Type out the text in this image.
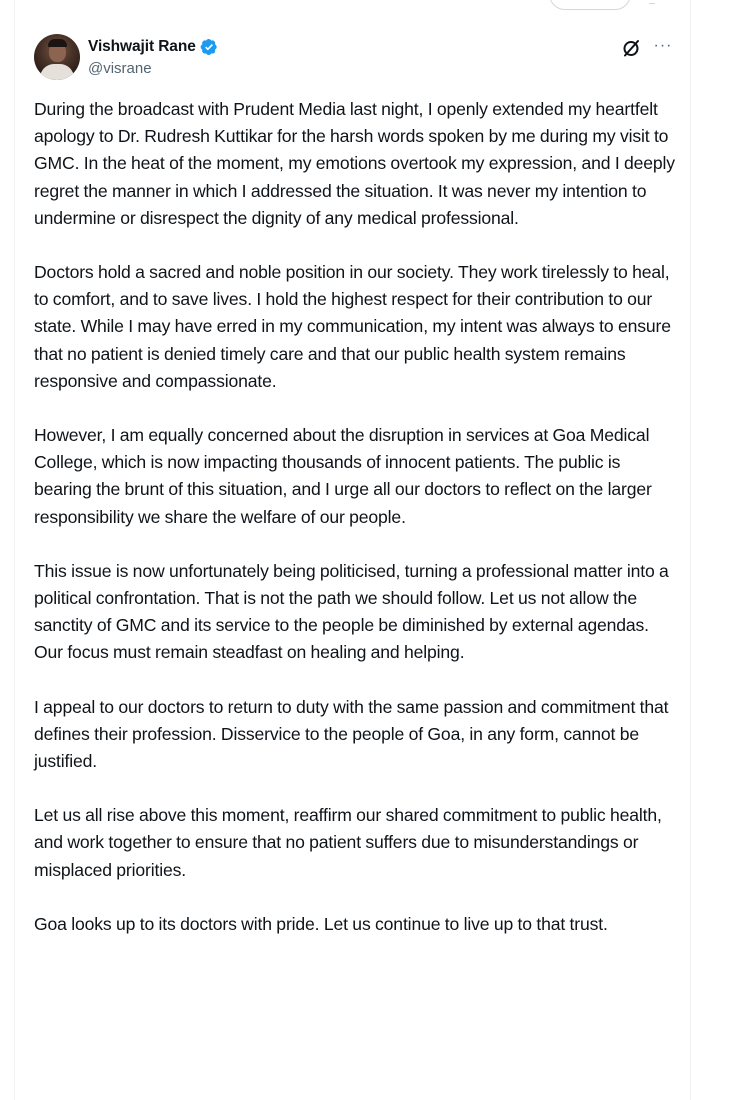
Vishwajit Rane
@visrane
···

During the broadcast with Prudent Media last night, I openly extended my heartfelt apology to Dr. Rudresh Kuttikar for the harsh words spoken by me during my visit to GMC. In the heat of the moment, my emotions overtook my expression, and I deeply regret the manner in which I addressed the situation. It was never my intention to undermine or disrespect the dignity of any medical professional.

Doctors hold a sacred and noble position in our society. They work tirelessly to heal, to comfort, and to save lives. I hold the highest respect for their contribution to our state. While I may have erred in my communication, my intent was always to ensure that no patient is denied timely care and that our public health system remains responsive and compassionate.

However, I am equally concerned about the disruption in services at Goa Medical College, which is now impacting thousands of innocent patients. The public is bearing the brunt of this situation, and I urge all our doctors to reflect on the larger responsibility we share the welfare of our people.

This issue is now unfortunately being politicised, turning a professional matter into a political confrontation. That is not the path we should follow. Let us not allow the sanctity of GMC and its service to the people be diminished by external agendas. Our focus must remain steadfast on healing and helping.

I appeal to our doctors to return to duty with the same passion and commitment that defines their profession. Disservice to the people of Goa, in any form, cannot be justified.

Let us all rise above this moment, reaffirm our shared commitment to public health, and work together to ensure that no patient suffers due to misunderstandings or misplaced priorities.

Goa looks up to its doctors with pride. Let us continue to live up to that trust.
